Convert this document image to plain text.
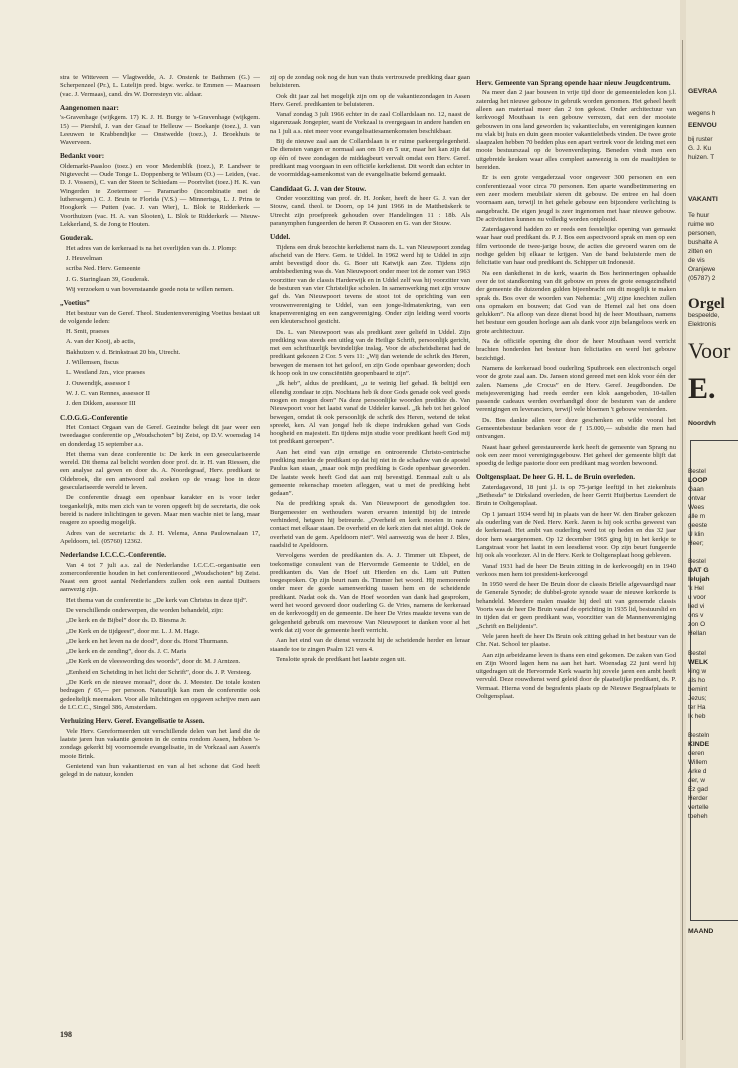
stra te Witteveen — Vlagtwedde, A. J. Onstenk te Bathmen (G.) — Scherpenzeel (Pr.), L. Lutelijn pred. bigw. werkz. te Emmen — Maarssen (vac. J. Vermaas), cand. drs W. Dorresteyn vic. aldaar.

Aangenomen naar:

's-Gravenhage (wijkgem. 17) K. J. H. Burgy te 's-Gravenhage (wijkgem. 15) — Piershil, J. van der Graaf te Helleuw — Boekanje (toez.), J. van Leeuwen te Krabbendijke — Onstwedde (toez.), J. Broekhuis te Waverveen.

Bedankt voor:

Oldemarkt-Paasloo (toez.) en voor Medemblik (toez.), P. Landwer te Nigtevecht — Oude Tonge L. Doppenberg te Wilsum (O.) — Leiden, (vac. D. J. Vossers), C. van der Steen te Schiedam — Poortvliet (toez.) H. K. van Wingerden te Zoetermeer — Paramaribo (incombinatie met de luthersegem.) C. J. Bruin te Florida (V.S.) — Minnertsga, L. J. Prins te Hoogkerk — Putten (vac. J. van Wier), L. Blok te Ridderkerk — Voorthuizen (vac. H. A. van Slooten), L. Blok te Ridderkerk — Nieuw-Lekkerland, S. de Jong te Houten.

Gouderak.

Het adres van de kerkeraad is na het overlijden van ds. J. Plomp:

J. Heuvelman

scriba Ned. Herv. Gemeente

J. G. Staringlaan 39, Gouderak.

Wij verzoeken u van bovenstaande goede nota te willen nemen.

„Voetius”

Het bestuur van de Geref. Theol. Studentenvereniging Voetius bestaat uit de volgende leden:

H. Smit, praeses

A. van der Kooij, ab actis,

Bakhuizen v. d. Brinkstraat 20 bis, Utrecht.

J. Willemsen, fiscus

L. Westland Jzn., vice praeses

J. Ouwendijk, assessor I

W. J. C. van Rennes, assessor II

J. den Dikken, assessor III

C.O.G.G.-Conferentie

Het Contact Orgaan van de Geref. Gezindte belegt dit jaar weer een tweedaagse conferentie op „Woudschoten” bij Zeist, op D.V. woensdag 14 en donderdag 15 september a.s.

Het thema van deze conferentie is: De kerk in een geseculariseerde wereld. Dit thema zal belicht worden door prof. dr. ir. H. van Riessen, die een analyse zal geven en door ds. A. Noordegraaf, Herv. predikant te Oldebroek, die een antwoord zal zoeken op de vraag: hoe in deze geseculariseerde wereld te leven.

De conferentie draagt een openbaar karakter en is voor ieder toegankelijk, mits men zich van te voren opgeeft bij de secretaris, die ook bereid is nadere inlichtingen te geven. Maar men wachte niet te lang, maar reagere zo spoedig mogelijk.

Adres van de secretaris: ds J. H. Velema, Anna Paulownalaan 17, Apeldoorn, tel. (05760) 12362.

Nederlandse I.C.C.C.-Conferentie.

Van 4 tot 7 juli a.s. zal de Nederlandse I.C.C.C.-organisatie een zomerconferentie houden in het conferentieoord „Woudschoten” bij Zeist. Naast een groot aantal Nederlanders zullen ook een aantal Duitsers aanwezig zijn.

Het thema van de conferentie is: „De kerk van Christus in deze tijd”.

De verschillende onderwerpen, die worden behandeld, zijn:

„De kerk en de Bijbel” door ds. D. Biesma Jr.

„De Kerk en de tijdgeest”, door mr. L. J. M. Hage.

„De kerk en het leven na de dood”, door ds. Horst Thurmann.

„De kerk en de zending”, door ds. J. C. Maris

„De Kerk en de vleeswording des woords”, door dr. M. J Arntzen.

„Eenheid en Scheiding in het licht der Schrift”, door ds. J. P. Versteeg.

„De Kerk en de nieuwe moraal”, door ds. J. Meester. De totale kosten bedragen ƒ 65,— per persoon. Natuurlijk kan men de conferentie ook gedeeltelijk meemaken. Voor alle inlichtingen en opgaven schrijve men aan de I.C.C.C., Singel 386, Amsterdam.

Verhuizing Herv. Geref. Evangelisatie te Assen.

Vele Herv. Gereformeerden uit verschillende delen van het land die de laatste jaren hun vakantie genoten in de centra rondom Assen, hebben 's-zondags gekerkt bij voornoemde evangelisatie, in de Vorkzaal aan Assen's mooie Brink.

Genietend van hun vakantierust en van al het schone dat God heeft gelegd in de natuur, konden

zij op de zondag ook nog de hun van thuis vertrouwde prediking daar gaan beluisteren.

Ook dit jaar zal het mogelijk zijn om op de vakantiezondagen in Assen Herv. Geref. predikanten te beluisteren.

Vanaf zondag 3 juli 1966 echter in de zaal Collardslaan no. 12, naast de sigarenzaak Jongepier, want de Vorkzaal is overgegaan in andere handen en na 1 juli a.s. niet meer voor evangelisatiesamenkomsten beschikbaar.

Bij de nieuwe zaal aan de Collardslaan is er ruime parkeergelegenheid. De diensten vangen er normaal aan om 10 en 5 uur, maar het kan zijn dat op één of twee zondagen de middagbeurt vervalt omdat een Herv. Geref. predikant mag voorgaan in een officiële kerkdienst. Dit wordt dan echter in de voormiddag-samenkomst van de evangelisatie bekend gemaakt.

Candidaat G. J. van der Stouw.

Onder voorzitting van prof. dr. H. Jonker, heeft de heer G. J. van der Stouw, cand. theol. te Doorn, op 14 juni 1966 in de Mattheüskerk te Utrecht zijn proefpreek gehouden over Handelingen 11 : 18b. Als paranymphen fungeerden de heren P. Oussoren en G. van der Stouw.

Uddel.

Tijdens een druk bezochte kerkdienst nam ds. L. van Nieuwpoort zondag afscheid van de Herv. Gem. te Uddel. In 1962 werd hij te Uddel in zijn ambt bevestigd door ds. G. Boer uit Katwijk aan Zee. Tijdens zijn ambtsbediening was ds. Van Nieuwpoort onder meer tot de zomer van 1963 voorzitter van de classis Harderwijk en in Uddel zelf was hij voorzitter van de besturen van vier Christelijke scholen. In samenwerking met zijn vrouw gaf ds. Van Nieuwpoort tevens de stoot tot de oprichting van een vrouwenvereniging te Uddel, van een jonge-lidmatenkring, van een knapenvereniging en een zangvereniging. Onder zijn leiding werd voorts een kleuterschool gesticht.

Ds. L. van Nieuwpoort was als predikant zeer geliefd in Uddel. Zijn prediking was steeds een uitleg van de Heilige Schrift, persoonlijk gericht, met een schriftuurlijk bevindelijke inslag. Voor de afscheidsdienst had de predikant gekozen 2 Cor. 5 vers 11: „Wij dan wetende de schrik des Heren, bewegen de mensen tot het geloof, en zijn Gode openbaar geworden; doch ik hoop ook in uw consciëntiën geopenbaard te zijn”.

„Ik heb”, aldus de predikant, „u te weinig lief gehad. Ik beltijd een ellendig zondaar te zijn. Nochtans heb ik door Gods genade ook veel goeds mogen en mogen doen” Na deze persoonlijke woorden predikte ds. Van Nieuwpoort voor het laatst vanaf de Uddeler kansel. „Ik heb tot het geloof bewegen, omdat ik ook persoonlijk de schrik des Heren, wetend de tekst spreekt, ken. Al van jongaf heb ik diepe indrukken gehad van Gods hoogheid en majesteit. En tijdens mijn studie voor predikant heeft God mij tot predikant geroepen”.

Aan het eind van zijn ernstige en ontroerende Christo-centrische prediking merkte de predikant op dat hij niet in de schaduw van de apostel Paulus kan staan, „maar ook mijn prediking is Gode openbaar geworden. De laatste week heeft God dat aan mij bevestigd. Eenmaal zult u als gemeente rekenschap moeten afleggen, wat u met de prediking hebt gedaan”.

Na de prediking sprak ds. Van Nieuwpoort de genodigden toe. Burgemeester en wethouders waren ervaren intentijd bij de intrede verhinderd, hetgeen hij betreurde. „Overheid en kerk moeten in nauw contact met elkaar staan. De overheid en de kerk zien dat niet altijd. Ook de overheid van de gem. Apeldoorn niet”. Wel aanwezig was de heer J. Bles, raadslid te Apeldoorn.

Vervolgens werden de predikanten ds. A. J. Timmer uit Elspeet, de toekomstige consulent van de Hervormde Gemeente te Uddel, en de predikanten ds. Van de Hoef uit Hierden en ds. Lam uit Putten toegesproken. Op zijn beurt nam ds. Timmer het woord. Hij memoreerde onder meer de goede samenwerking tussen hem en de scheidende predikant. Nadat ook ds. Van de Hoef woorden van dank had gesproken, werd het woord gevoerd door ouderling G. de Vries, namens de kerkeraad en de kerkvoogdij en de gemeente. De heer De Vries maakte tevens van de gelegenheid gebruik om mevrouw Van Nieuwpoort te danken voor al het werk dat zij voor de gemeente heeft verricht.

Aan het eind van de dienst verzocht hij de scheidende herder en leraar staande toe te zingen Psalm 121 vers 4.

Tenslotte sprak de predikant het laatste zegen uit.

Herv. Gemeente van Sprang opende haar nieuw Jeugdcentrum.

Na meer dan 2 jaar bouwen in vrije tijd door de gemeenteleden kon j.l. zaterdag het nieuwe gebouw in gebruik worden genomen. Het geheel heeft alleen aan materiaal meer dan 2 ton gekost. Onder architectuur van kerkvoogd Mouthaan is een gebouw verrezen, dat een der mooiste gebouwen in ons land geworden is; vakantieclubs, en verenigingen kunnen nu vlak bij huis en duin geen mooier vakantieleibeds vinden. De twee grote slaapzalen hebben 70 bedden plus een apart vertrek voor de leiding met een mooie bestuurszaal op de bovenverdieping. Beneden vindt men een uitgebreide keuken waar alles compleet aanwezig is om de maaltijden te bereiden.

Er is een grote vergaderzaal voor ongeveer 300 personen en een conferentiezaal voor circa 70 personen. Een aparte wandbetimmering en een zeer modern meubilair sieren dit gebouw. De entree en hal doen voornaam aan, terwijl in het gehele gebouw een bijzondere verlichting is aangebracht. De eigen jeugd is zeer ingenomen met haar nieuwe gebouw. De activiteiten kunnen nu volledig worden ontplooid.

Zaterdagavond hadden zo er reeds een feestelijke opening van gemaakt waar haar oud predikant ds. P. J. Bos een aspectvoord sprak en men op een film vertoonde de twee-jarige bouw, de acties die gevoerd waren om de nodige gelden bij elkaar te krijgen. Van de band beluisterde men de felicitatie van haar oud predikant ds. Schipper uit Indonesië.

Na een dankdienst in de kerk, waarin ds Bos herinneringen ophaalde over de tot standkoming van dit gebouw en prees de grote eensgezindheid der gemeente die duizenden gulden bijeenbracht om dit mogelijk te maken sprak ds. Bos over de woorden van Nehemia: „Wij zijne knechten zullen ons opmaken en bouwen; dat God van de Hemel zal het ons doen gelukken”. Na afloop van deze dienst bood hij de heer Mouthaan, namens het bestuur een gouden horloge aan als dank voor zijn belangeloos werk en grote architectuur.

Na de officiële opening die door de heer Mouthaan werd verricht brachten honderden het bestuur hun felicitaties en werd het gebouw bezichtigd.

Namens de kerkeraad bood ouderling Spuibroek een electronisch orgel voor de grote zaal aan. Ds. Jansen stond gereed met een klok voor één der zalen. Namens „de Crocus” en de Herv. Geref. Jeugdbonden. De meisjesvereniging had reeds eerder een klok aangeboden, 10-tallen passende cadeaux werden overhandigd door de besturen van de andere verenigingen en leveranciers, terwijl vele bloemen 't gebouw versierden.

Ds. Bos dankte allen voor deze geschenken en wilde vooral het Gemeentebestuur bedanken voor de ƒ 15.000,— subsidie die men had ontvangen.

Naast haar geheel gerestaureerde kerk heeft de gemeente van Sprang nu ook een zeer mooi verenigingsgebouw. Het geheel der gemeente blijft dat spoedig de ledige pastorie door een predikant mag worden bewoond.

Ooltgensplaat. De heer G. H. L. de Bruin overleden.

Zaterdagavond, 18 juni j.l. is op 75-jarige leeftijd in het ziekenhuis „Bethesda” te Dirksland overleden, de heer Gerrit Huijbertus Leendert de Bruin te Ooltgensplaat.

Op 1 januari 1934 werd hij in plaats van de heer W. den Braber gekozen als ouderling van de Ned. Herv. Kerk. Jaren is hij ook scriba geweest van de kerkeraad. Het ambt van ouderling werd tot op heden en dus 32 jaar door hem waargenomen. Op 12 december 1965 ging hij in het kerkje te Langstraat voor het laatst in een leesdienst voor. Op zijn beurt fungeerde hij ook als voorlezer. Al in de Herv. Kerk te Ooltgensplaat hoog gebleven.

Vanaf 1931 had de heer De Bruin zitting in de kerkvoogdij en in 1940 verkoos men hem tot president-kerkvoogd

In 1950 werd de heer De Bruin door de classis Brielle afgevaardigd naar de Generale Synode; de dubbel-grote synode waar de nieuwe kerkorde is behandeld. Meerdere malen maakte hij deel uit van genoemde classis Voorts was de heer De Bruin vanaf de oprichting in 1935 lid, bestuurslid en in tijden dat er geen predikant was, voorzitter van de Mannenvereniging „Schrift en Belijdenis”.

Vele jaren heeft de heer Ds Bruin ook zitting gehad in het bestuur van de Chr. Nat. School ter plaatse.

Aan zijn arbeidzame leven is thans een eind gekomen. De zaken van God en Zijn Woord lagen hem na aan het hart. Woensdag 22 juni werd hij uitgedragen uit de Hervormde Kerk waarin hij zovele jaren een ambt heeft vervuld. Deze rouwdienst werd geleid door de plaatselijke predikant, ds. P. Vermaat. Hierna vond de begrafenis plaats op de Nieuwe Begraafplaats te Ooltgensplaat.

198
GEVRAA
Orgel
Voor
E.
wegens h
EENVOU
bij ruster
G. J. Ku
huizen. T
VAKANTI
Te huur
ruime wo
personen,
bushalte A
zitten en
de vis
Oranjewe
(05787) 2
bespeelde,
Elektronis
Noordvh
Bestel
LOOP
Gaan
ontvar
Wees
alle m
geeste
U klin
Heer;
Bestel
DAT G
lelujah
'k Hel
u voor
lied vi
ons v
zon O
Hellan
Bestel
WELK
king w
als ho
bemint
Jezus;
ter Ha
Ik heb
Besteln
KINDE
deren
Willem
Arke d
der, w
Ez gad
Herder
vertelle
toeheh
MAAND
